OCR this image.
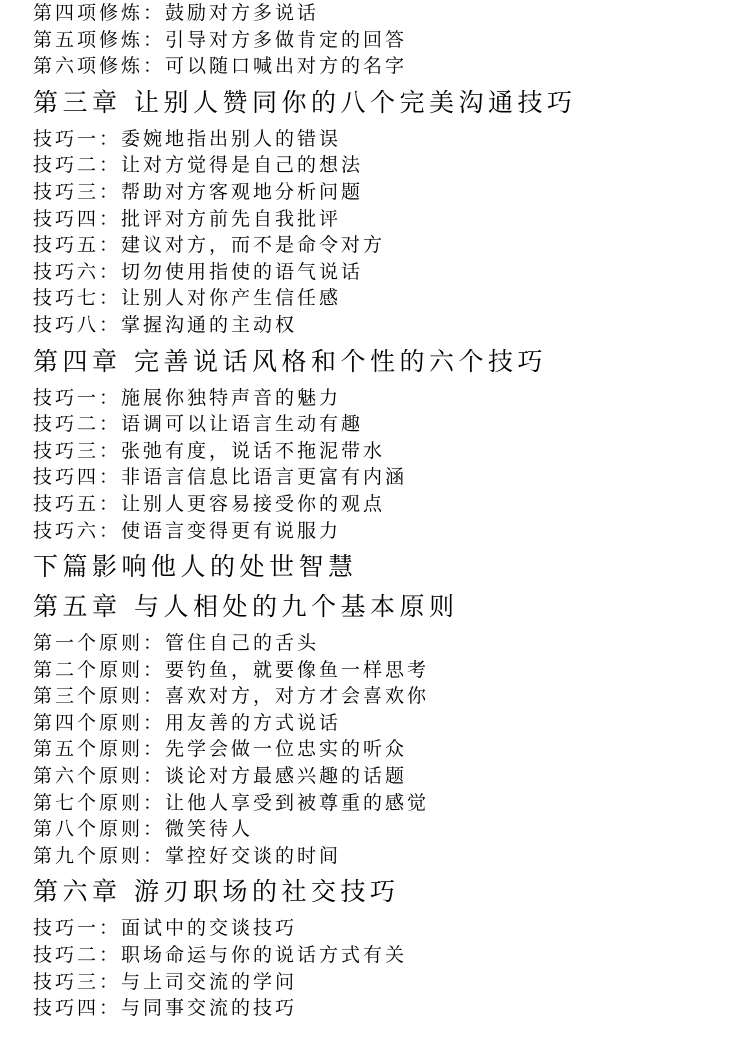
第四项修炼：鼓励对方多说话

第五项修炼：引导对方多做肯定的回答

第六项修炼：可以随口喊出对方的名字

第三章 让别人赞同你的八个完美沟通技巧

技巧一：委婉地指出别人的错误

技巧二：让对方觉得是自己的想法

技巧三：帮助对方客观地分析问题

技巧四：批评对方前先自我批评

技巧五：建议对方，而不是命令对方

技巧六：切勿使用指使的语气说话

技巧七：让别人对你产生信任感

技巧八：掌握沟通的主动权

第四章 完善说话风格和个性的六个技巧

技巧一：施展你独特声音的魅力

技巧二：语调可以让语言生动有趣

技巧三：张弛有度，说话不拖泥带水

技巧四：非语言信息比语言更富有内涵

技巧五：让别人更容易接受你的观点

技巧六：使语言变得更有说服力

下篇影响他人的处世智慧
第五章 与人相处的九个基本原则

第一个原则：管住自己的舌头

第二个原则：要钓鱼，就要像鱼一样思考

第三个原则：喜欢对方，对方才会喜欢你

第四个原则：用友善的方式说话

第五个原则：先学会做一位忠实的听众

第六个原则：谈论对方最感兴趣的话题

第七个原则：让他人享受到被尊重的感觉

第八个原则：微笑待人

第九个原则：掌控好交谈的时间

第六章 游刃职场的社交技巧

技巧一：面试中的交谈技巧

技巧二：职场命运与你的说话方式有关

技巧三：与上司交流的学问

技巧四：与同事交流的技巧
